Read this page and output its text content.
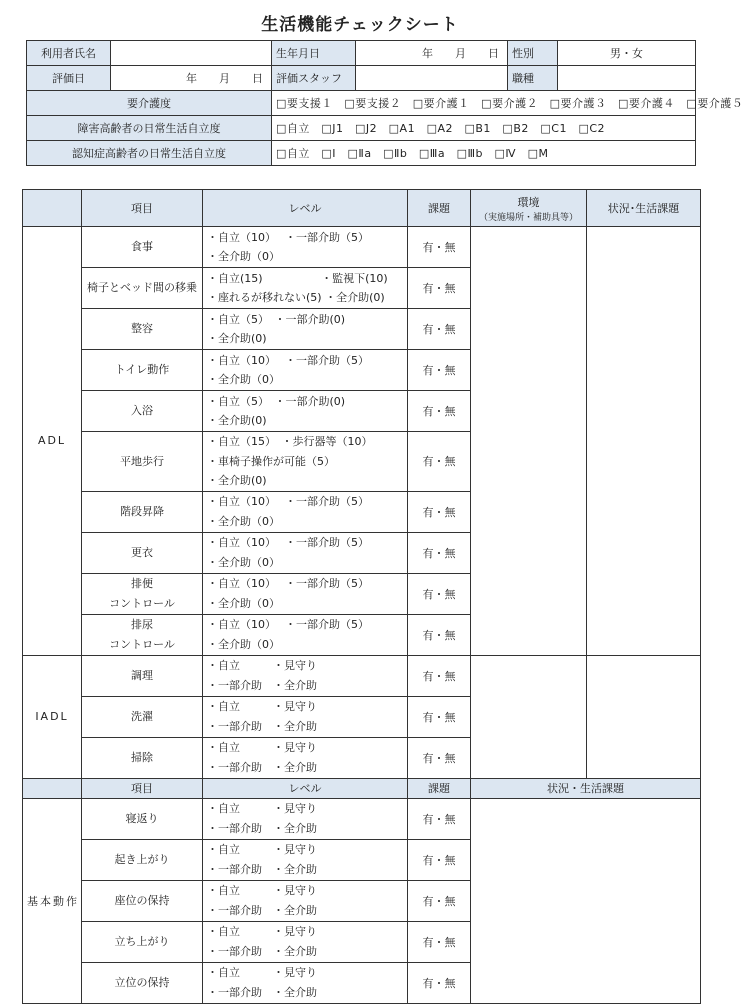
生活機能チェックシート
利用者氏名		生年月日	年　　月　　日	性別	男・女
評価日	年　　月　　日	評価スタッフ		職種	
要介護度		□要支援１　□要支援２　□要介護１　□要介護２　□要介護３　□要介護４　□要介護５			
障害高齢者の日常生活自立度		□自立　□J1　□J2　□A1　□A2　□B1　□B2　□C1　□C2			
認知症高齢者の日常生活自立度		□自立　□Ⅰ　□Ⅱa　□Ⅱb　□Ⅲa　□Ⅲb　□Ⅳ　□M			
	項目	レベル	課題	環境
（実施場所・補助具等）	状況･生活課題
ADL	食事	・自立（10）　 ・一部介助（5）
・全介助（0）	有・無		
	椅子とベッド間の移乗	・自立(15)　　　　　 ・監視下(10)
・座れるが移れない(5) ・全介助(0)	有・無		
	整容	・自立（5）　・一部介助(0)
・全介助(0)	有・無		
	トイレ動作	・自立（10）　 ・一部介助（5）
・全介助（0）	有・無		
	入浴	・自立（5）　・一部介助(0)
・全介助(0)	有・無		
	平地歩行	・自立（15）　・歩行器等（10）
・車椅子操作が可能（5）
・全介助(0)	有・無		
	階段昇降	・自立（10）　 ・一部介助（5）
・全介助（0）	有・無		
	更衣	・自立（10）　 ・一部介助（5）
・全介助（0）	有・無		
	排便
コントロール	・自立（10）　 ・一部介助（5）
・全介助（0）	有・無		
	排尿
コントロール	・自立（10）　 ・一部介助（5）
・全介助（0）	有・無		
IADL	調理	・自立　　　・見守り
・一部介助　・全介助	有・無		
	洗濯	・自立　　　・見守り
・一部介助　・全介助	有・無		
	掃除	・自立　　　・見守り
・一部介助　・全介助	有・無		
	項目	レベル	課題	状況・生活課題	
基本動作	寝返り	・自立　　　・見守り
・一部介助　・全介助	有・無		
	起き上がり	・自立　　　・見守り
・一部介助　・全介助	有・無		
	座位の保持	・自立　　　・見守り
・一部介助　・全介助	有・無		
	立ち上がり	・自立　　　・見守り
・一部介助　・全介助	有・無		
	立位の保持	・自立　　　・見守り
・一部介助　・全介助	有・無		
